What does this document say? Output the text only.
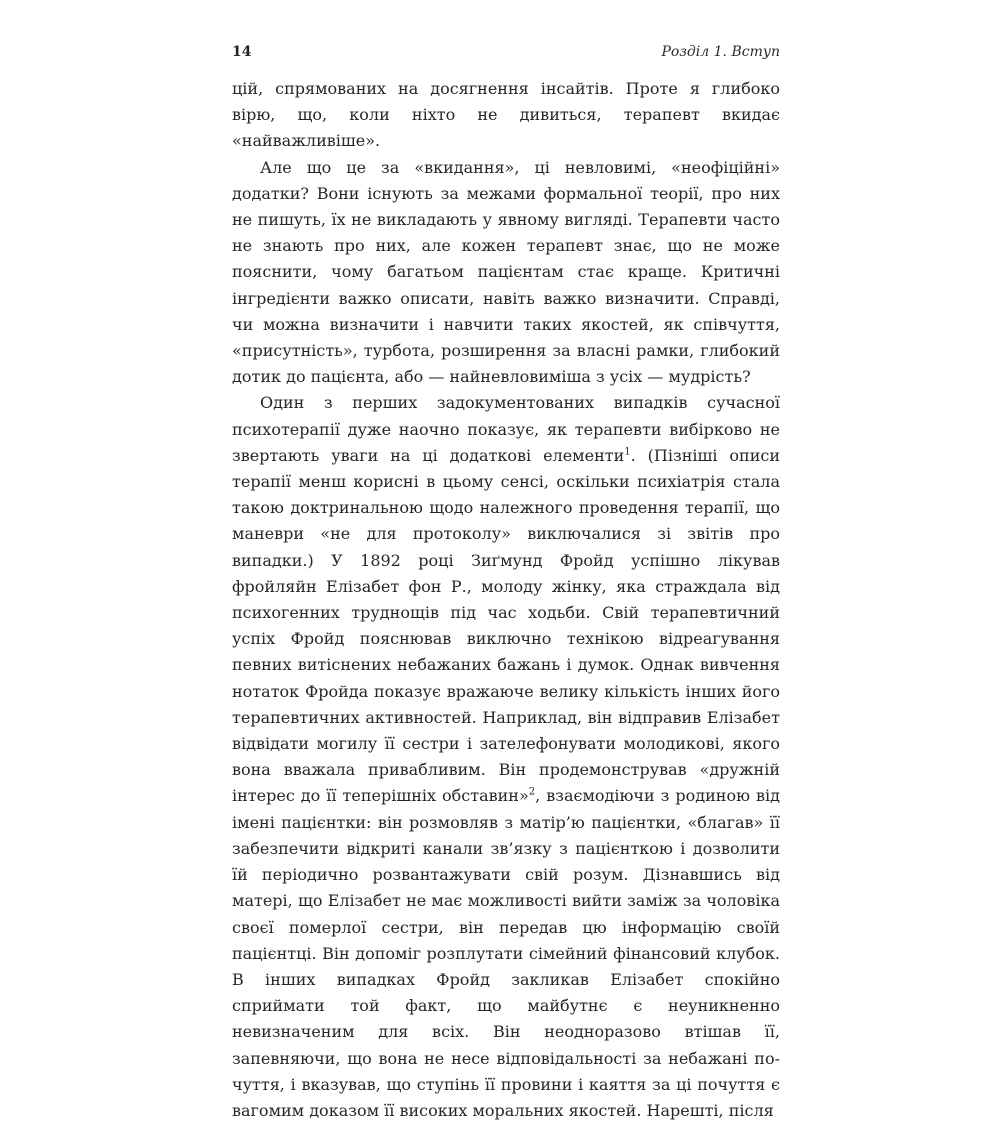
14	Розділ 1. Вступ

цій, спрямованих на досягнення інсайтів. Проте я глибоко вірю, що, коли ніхто не дивиться, терапевт вкидає «найважливіше».

Але що це за «вкидання», ці невловимі, «неофіційні» додатки? Вони існують за межами формальної теорії, про них не пишуть, їх не викладають у явному вигляді. Терапевти часто не знають про них, але кожен терапевт знає, що не може пояснити, чому багатьом пацієнтам стає краще. Критичні інгредієнти важко описати, навіть важко визначити. Справді, чи можна визначити і навчити таких якостей, як співчуття, «присутність», турбота, розширення за власні рамки, глибокий дотик до пацієнта, або — найневловиміша з усіх — мудрість?

Один з перших задокументованих випадків сучасної психотерапії дуже наочно показує, як терапевти вибірково не звертають уваги на ці додаткові елементи$^1$. (Пізніші описи терапії менш корисні в цьому сенсі, оскільки психіатрія стала такою доктринальною щодо належного проведення терапії, що маневри «не для протоколу» виключалися зі звітів про випадки.) У 1892 році Зиґмунд Фройд успішно лікував фройляйн Елізабет фон Р., молоду жінку, яка страждала від психогенних труднощів під час ходьби. Свій терапевтичний успіх Фройд пояснював виключно технікою відреагування певних витіснених небажаних бажань і думок. Однак вивчення нотаток Фройда показує вражаюче велику кількість інших його терапевтичних активностей. Наприклад, він відправив Елізабет відвідати могилу її сестри і зателефонувати молодикові, якого вона вважала привабливим. Він продемонстрував «дружній інтерес до її теперішніх обставин»$^2$, взаємодіючи з родиною від імені пацієнтки: він розмовляв з матір’ю пацієнтки, «благав» її забезпечити відкриті канали зв’язку з пацієнткою і дозволити їй періодично розвантажувати свій розум. Дізнавшись від матері, що Елізабет не має можливості вийти заміж за чоловіка своєї померлої сестри, він передав цю інформацію своїй пацієнтці. Він допоміг розплутати сімейний фінансовий клубок. В інших випадках Фройд закликав Елізабет спокійно сприймати той факт, що майбутнє є неуникненно невизначеним для всіх. Він неодноразово втішав її, запевняючи, що вона не несе відповідальності за небажані почуття, і вказував, що ступінь її провини і каяття за ці почуття є вагомим доказом її високих моральних якостей. Нарешті, після
